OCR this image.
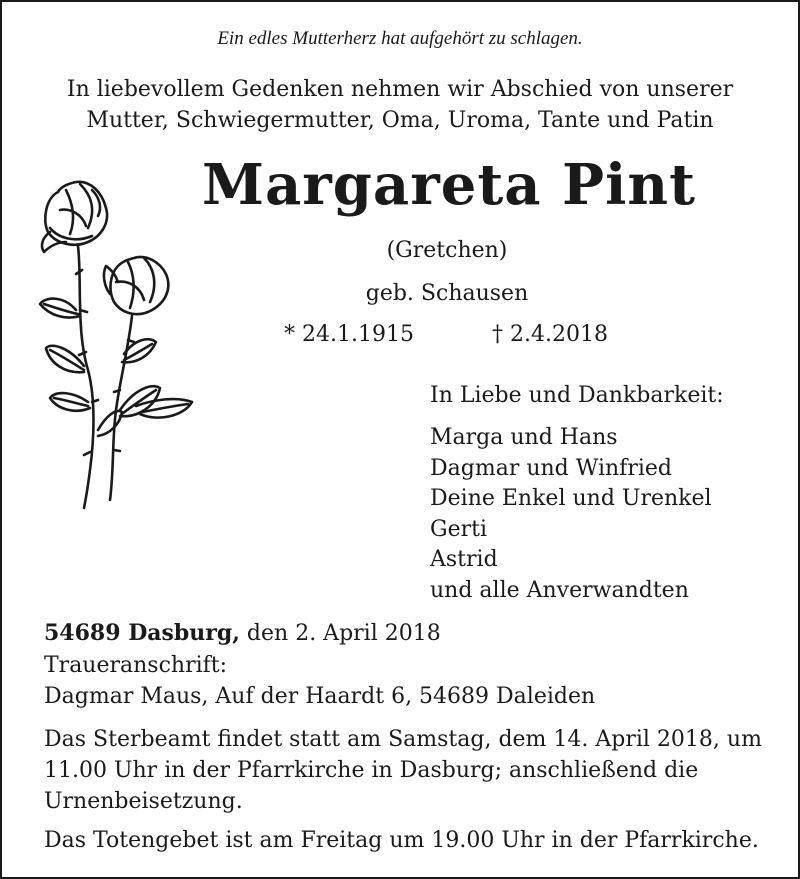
Ein edles Mutterherz hat aufgehört zu schlagen.
In liebevollem Gedenken nehmen wir Abschied von unserer
Mutter, Schwiegermutter, Oma, Uroma, Tante und Patin
Margareta Pint
(Gretchen)
geb. Schausen
* 24.1.1915	† 2.4.2018
In Liebe und Dankbarkeit:
Marga und Hans
Dagmar und Winfried
Deine Enkel und Urenkel
Gerti
Astrid
und alle Anverwandten
54689 Dasburg, den 2. April 2018
Traueranschrift:
Dagmar Maus, Auf der Haardt 6, 54689 Daleiden
Das Sterbeamt findet statt am Samstag, dem 14. April 2018, um 11.00 Uhr in der Pfarrkirche in Dasburg; anschließend die Urnenbeisetzung.
Das Totengebet ist am Freitag um 19.00 Uhr in der Pfarrkirche.
